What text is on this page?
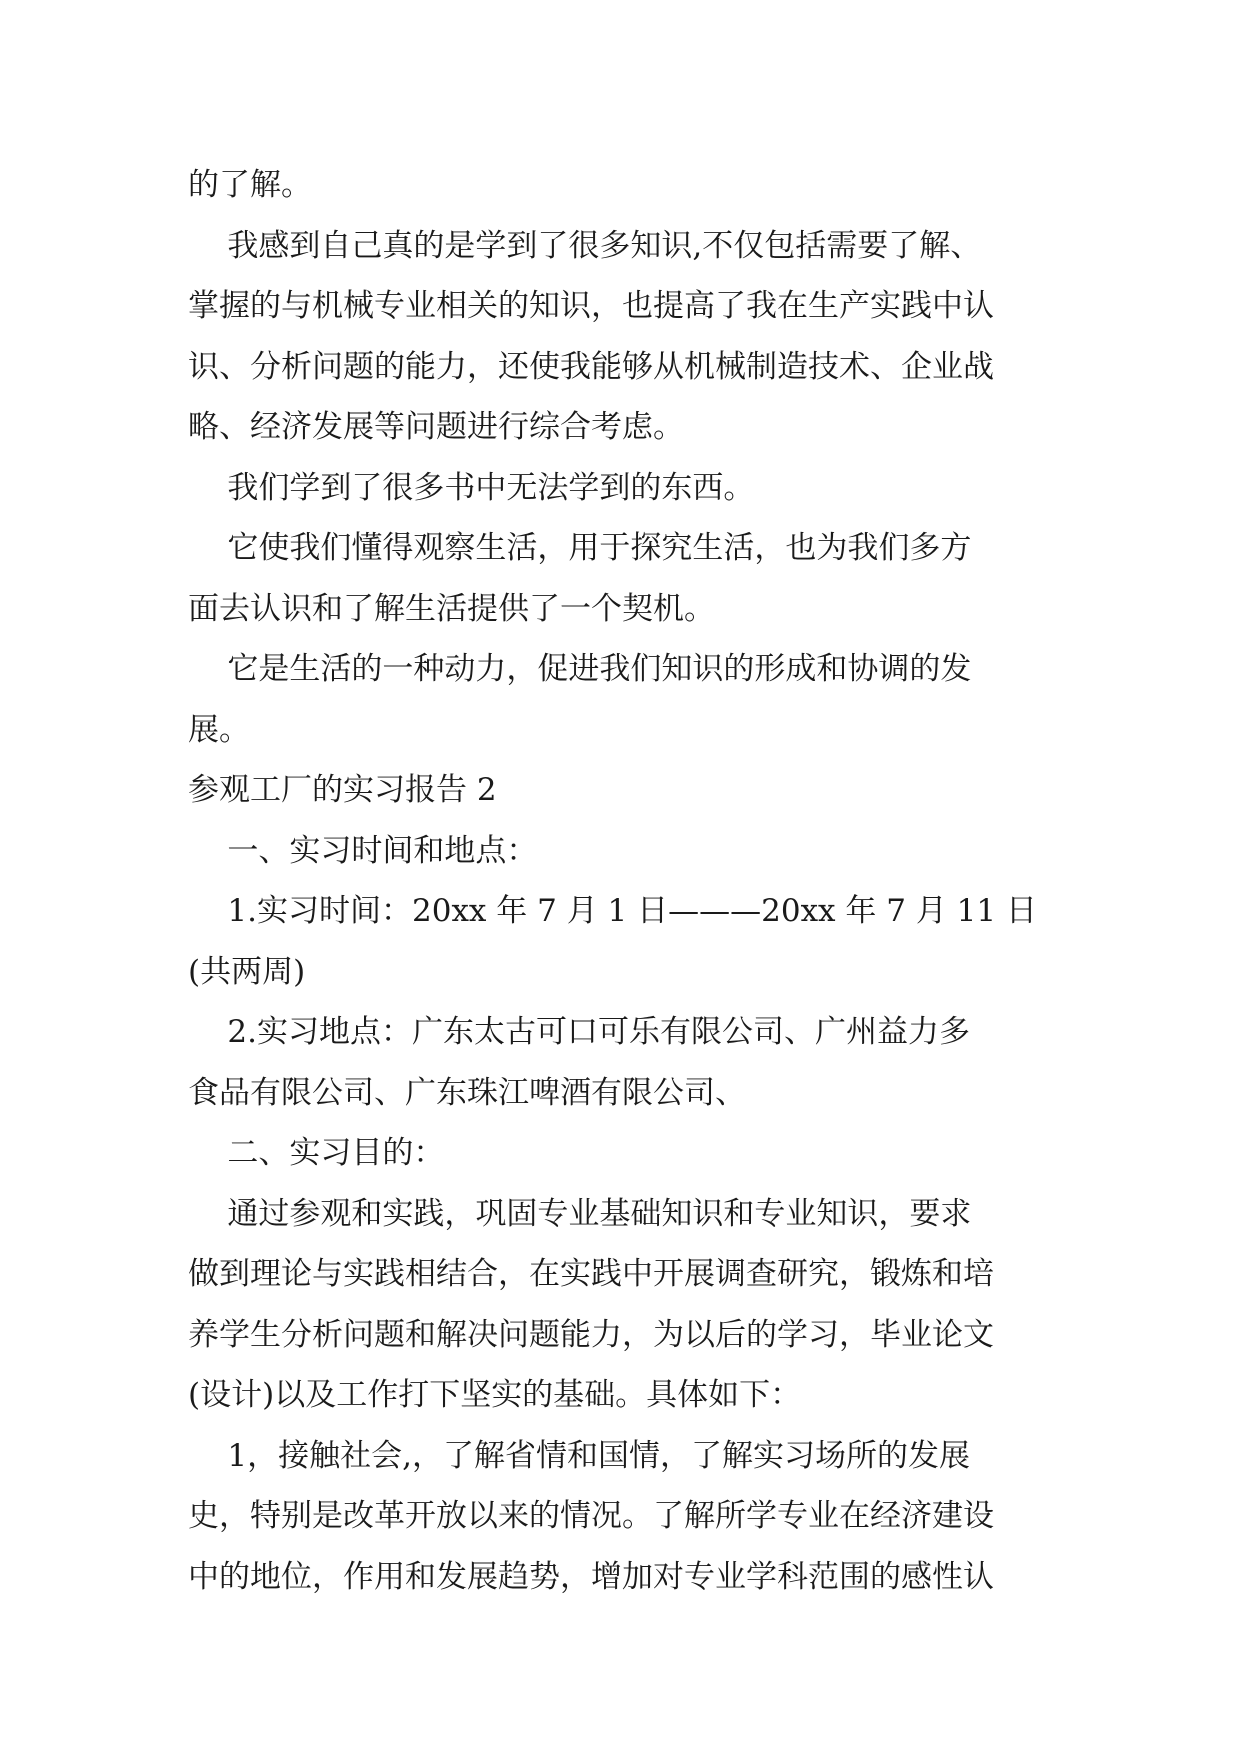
的了解。
我感到自己真的是学到了很多知识,不仅包括需要了解、
掌握的与机械专业相关的知识，也提高了我在生产实践中认
识、分析问题的能力，还使我能够从机械制造技术、企业战
略、经济发展等问题进行综合考虑。
我们学到了很多书中无法学到的东西。
它使我们懂得观察生活，用于探究生活，也为我们多方
面去认识和了解生活提供了一个契机。
它是生活的一种动力，促进我们知识的形成和协调的发
展。
参观工厂的实习报告 2
一、实习时间和地点：
1.实习时间：20xx 年 7 月 1 日———20xx 年 7 月 11 日
(共两周)
2.实习地点：广东太古可口可乐有限公司、广州益力多
食品有限公司、广东珠江啤酒有限公司、
二、实习目的：
通过参观和实践，巩固专业基础知识和专业知识，要求
做到理论与实践相结合，在实践中开展调查研究，锻炼和培
养学生分析问题和解决问题能力，为以后的学习，毕业论文
(设计)以及工作打下坚实的基础。具体如下：
1，接触社会,，了解省情和国情，了解实习场所的发展
史，特别是改革开放以来的情况。了解所学专业在经济建设
中的地位，作用和发展趋势，增加对专业学科范围的感性认
